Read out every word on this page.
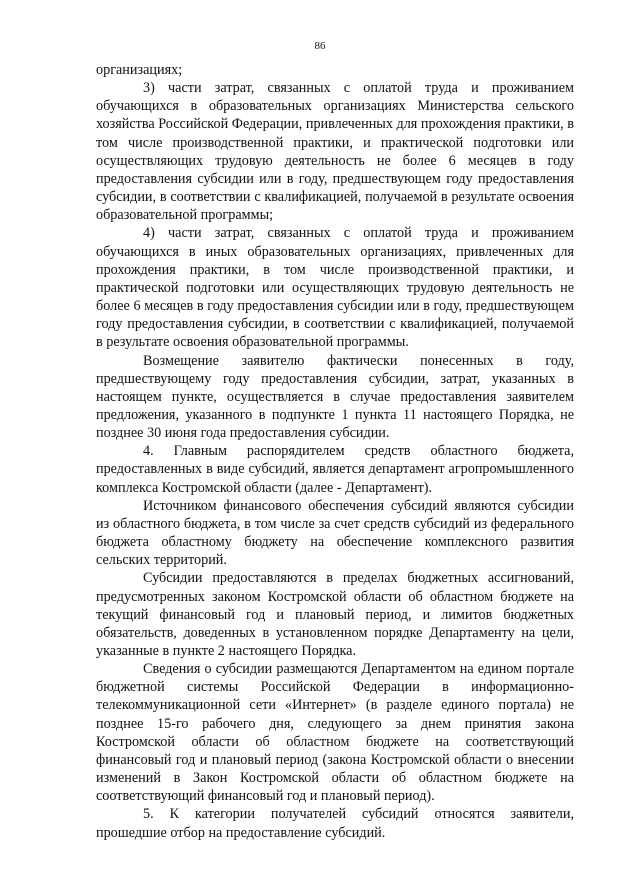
86

организациях;

3) части затрат, связанных с оплатой труда и проживанием обучающихся в образовательных организациях Министерства сельского хозяйства Российской Федерации, привлеченных для прохождения практики, в том числе производственной практики, и практической подготовки или осуществляющих трудовую деятельность не более 6 месяцев в году предоставления субсидии или в году, предшествующем году предоставления субсидии, в соответствии с квалификацией, получаемой в результате освоения образовательной программы;

4) части затрат, связанных с оплатой труда и проживанием обучающихся в иных образовательных организациях, привлеченных для прохождения практики, в том числе производственной практики, и практической подготовки или осуществляющих трудовую деятельность не более 6 месяцев в году предоставления субсидии или в году, предшествующем году предоставления субсидии, в соответствии с квалификацией, получаемой в результате освоения образовательной программы.

Возмещение заявителю фактически понесенных в году, предшествующему году предоставления субсидии, затрат, указанных в настоящем пункте, осуществляется в случае предоставления заявителем предложения, указанного в подпункте 1 пункта 11 настоящего Порядка, не позднее 30 июня года предоставления субсидии.

4. Главным распорядителем средств областного бюджета, предоставленных в виде субсидий, является департамент агропромышленного комплекса Костромской области (далее - Департамент).

Источником финансового обеспечения субсидий являются субсидии из областного бюджета, в том числе за счет средств субсидий из федерального бюджета областному бюджету на обеспечение комплексного развития сельских территорий.

Субсидии предоставляются в пределах бюджетных ассигнований, предусмотренных законом Костромской области об областном бюджете на текущий финансовый год и плановый период, и лимитов бюджетных обязательств, доведенных в установленном порядке Департаменту на цели, указанные в пункте 2 настоящего Порядка.

Сведения о субсидии размещаются Департаментом на едином портале бюджетной системы Российской Федерации в информационно-телекоммуникационной сети «Интернет» (в разделе единого портала) не позднее 15-го рабочего дня, следующего за днем принятия закона Костромской области об областном бюджете на соответствующий финансовый год и плановый период (закона Костромской области о внесении изменений в Закон Костромской области об областном бюджете на соответствующий финансовый год и плановый период).

5. К категории получателей субсидий относятся заявители, прошедшие отбор на предоставление субсидий.
